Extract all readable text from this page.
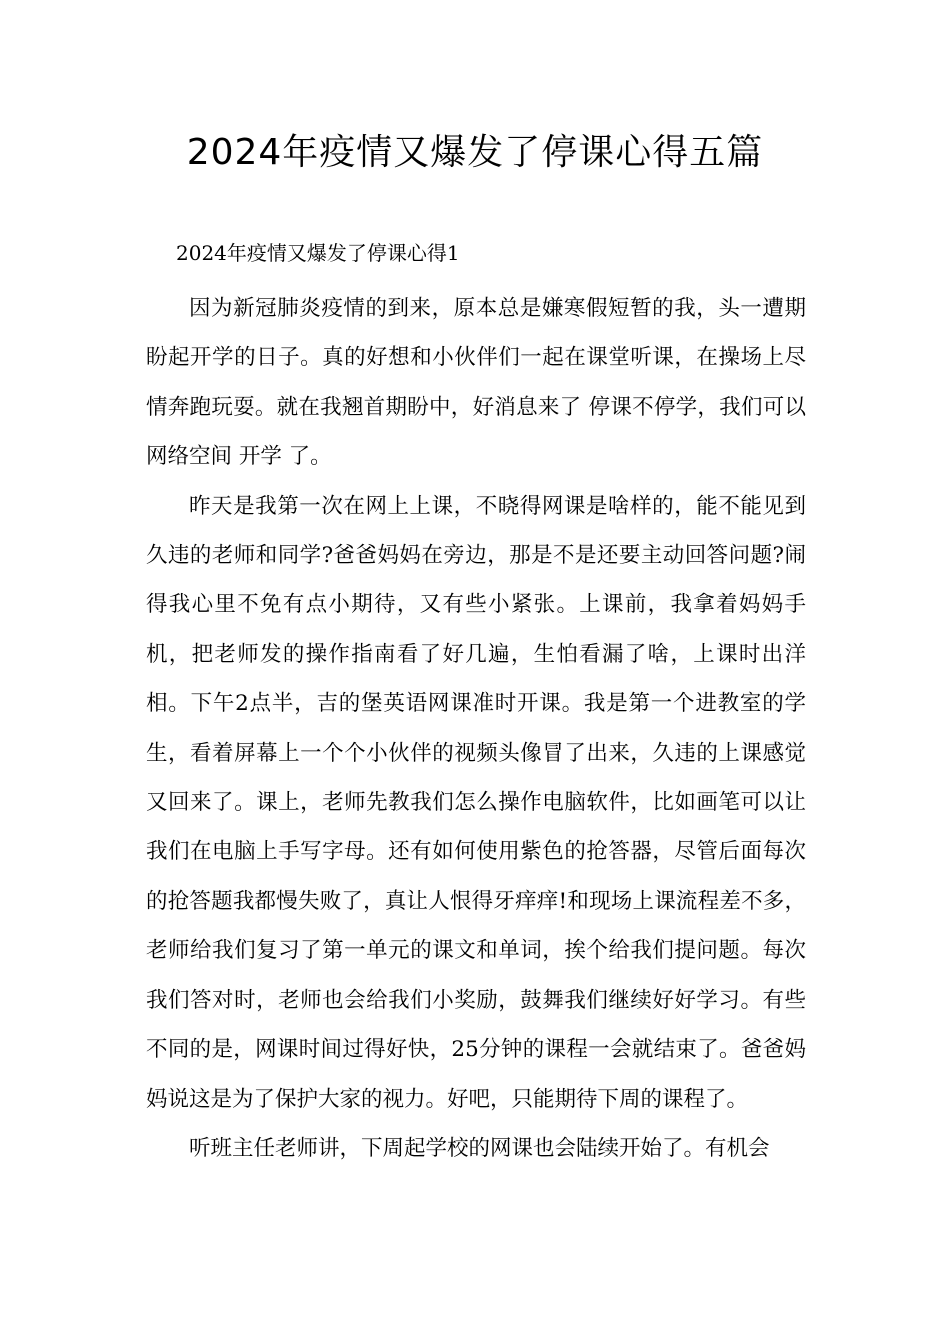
2024年疫情又爆发了停课心得五篇
2024年疫情又爆发了停课心得1

因为新冠肺炎疫情的到来，原本总是嫌寒假短暂的我，头一遭期盼起开学的日子。真的好想和小伙伴们一起在课堂听课，在操场上尽情奔跑玩耍。就在我翘首期盼中，好消息来了 停课不停学，我们可以网络空间 开学 了。

昨天是我第一次在网上上课，不晓得网课是啥样的，能不能见到久违的老师和同学?爸爸妈妈在旁边，那是不是还要主动回答问题?闹得我心里不免有点小期待，又有些小紧张。上课前，我拿着妈妈手机，把老师发的操作指南看了好几遍，生怕看漏了啥，上课时出洋相。下午2点半，吉的堡英语网课准时开课。我是第一个进教室的学生，看着屏幕上一个个小伙伴的视频头像冒了出来，久违的上课感觉又回来了。课上，老师先教我们怎么操作电脑软件，比如画笔可以让我们在电脑上手写字母。还有如何使用紫色的抢答器，尽管后面每次的抢答题我都慢失败了，真让人恨得牙痒痒!和现场上课流程差不多，老师给我们复习了第一单元的课文和单词，挨个给我们提问题。每次我们答对时，老师也会给我们小奖励，鼓舞我们继续好好学习。有些不同的是，网课时间过得好快，25分钟的课程一会就结束了。爸爸妈妈说这是为了保护大家的视力。好吧，只能期待下周的课程了。

听班主任老师讲，下周起学校的网课也会陆续开始了。有机会
